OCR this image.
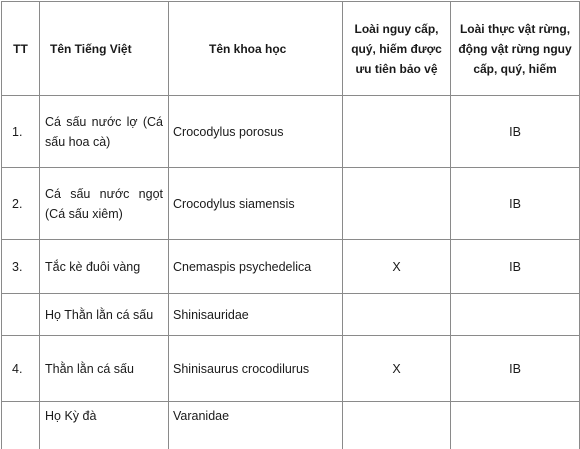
TT	Tên Tiếng Việt	Tên khoa học	Loài nguy cấp, quý, hiếm được ưu tiên bảo vệ	Loài thực vật rừng, động vật rừng nguy cấp, quý, hiếm
1.	Cá sấu nước lợ (Cá sấu hoa cà)	Crocodylus porosus		IB
2.	Cá sấu nước ngọt (Cá sấu xiêm)	Crocodylus siamensis		IB
3.	Tắc kè đuôi vàng	Cnemaspis psychedelica	X	IB
	Họ Thằn lằn cá sấu	Shinisauridae		
4.	Thằn lằn cá sấu	Shinisaurus crocodilurus	X	IB
	Họ Kỳ đà	Varanidae		
